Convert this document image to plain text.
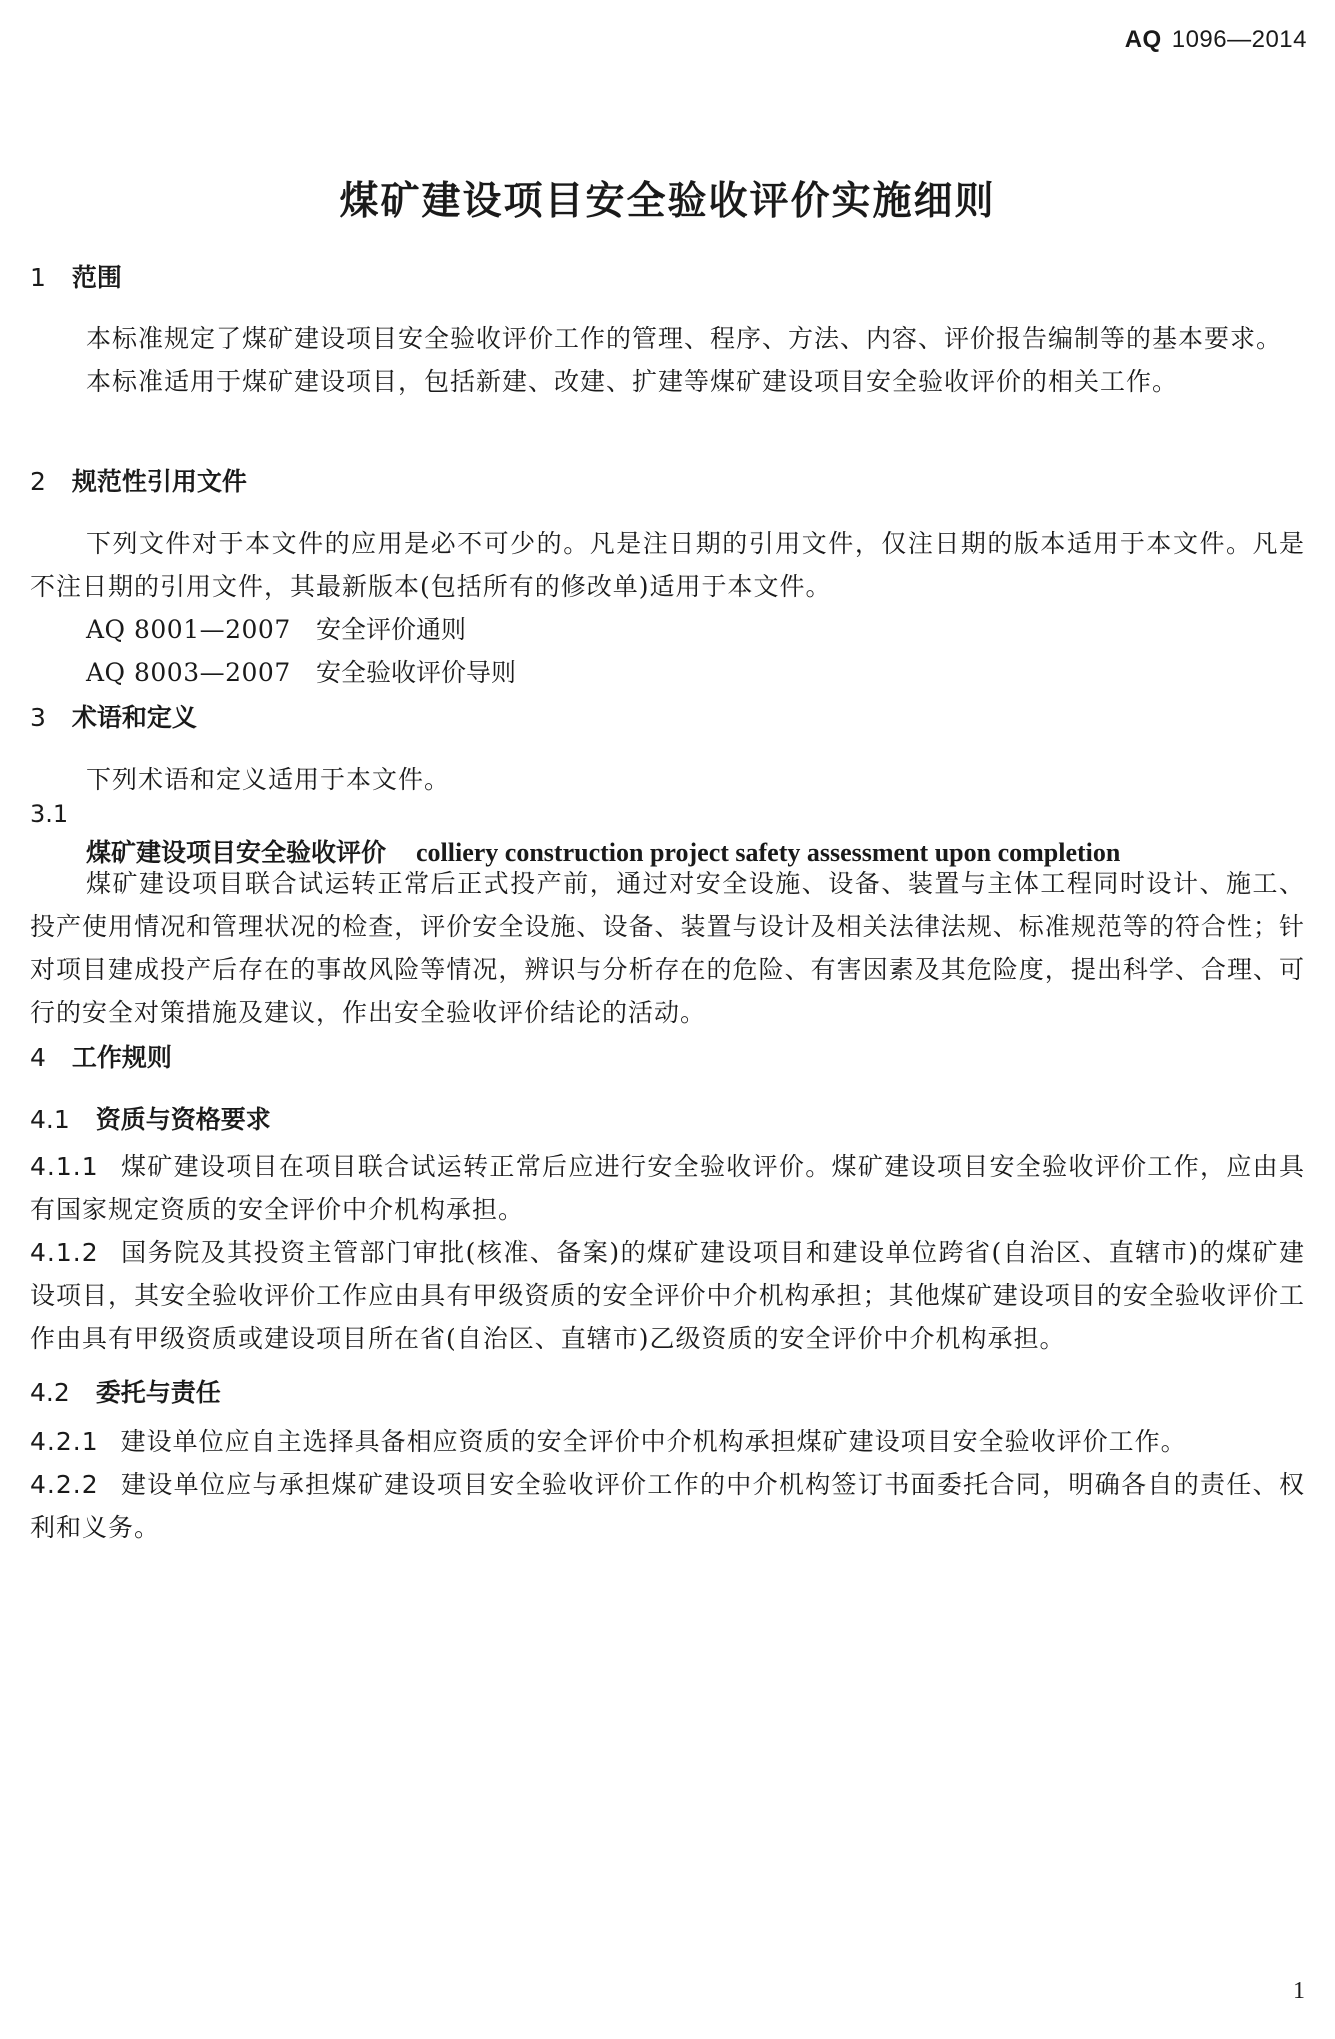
AQ 1096—2014
煤矿建设项目安全验收评价实施细则
1 范围

本标准规定了煤矿建设项目安全验收评价工作的管理、程序、方法、内容、评价报告编制等的基本要求。

本标准适用于煤矿建设项目，包括新建、改建、扩建等煤矿建设项目安全验收评价的相关工作。

2 规范性引用文件

下列文件对于本文件的应用是必不可少的。凡是注日期的引用文件，仅注日期的版本适用于本文件。凡是不注日期的引用文件，其最新版本(包括所有的修改单)适用于本文件。

AQ 8001—2007 安全评价通则
AQ 8003—2007 安全验收评价导则
3 术语和定义

下列术语和定义适用于本文件。

3.1
煤矿建设项目安全验收评价 colliery construction project safety assessment upon completion

煤矿建设项目联合试运转正常后正式投产前，通过对安全设施、设备、装置与主体工程同时设计、施工、投产使用情况和管理状况的检查，评价安全设施、设备、装置与设计及相关法律法规、标准规范等的符合性；针对项目建成投产后存在的事故风险等情况，辨识与分析存在的危险、有害因素及其危险度，提出科学、合理、可行的安全对策措施及建议，作出安全验收评价结论的活动。

4 工作规则
4.1 资质与资格要求

4.1.1 煤矿建设项目在项目联合试运转正常后应进行安全验收评价。煤矿建设项目安全验收评价工作，应由具有国家规定资质的安全评价中介机构承担。

4.1.2 国务院及其投资主管部门审批(核准、备案)的煤矿建设项目和建设单位跨省(自治区、直辖市)的煤矿建设项目，其安全验收评价工作应由具有甲级资质的安全评价中介机构承担；其他煤矿建设项目的安全验收评价工作由具有甲级资质或建设项目所在省(自治区、直辖市)乙级资质的安全评价中介机构承担。

4.2 委托与责任

4.2.1 建设单位应自主选择具备相应资质的安全评价中介机构承担煤矿建设项目安全验收评价工作。

4.2.2 建设单位应与承担煤矿建设项目安全验收评价工作的中介机构签订书面委托合同，明确各自的责任、权利和义务。

1
